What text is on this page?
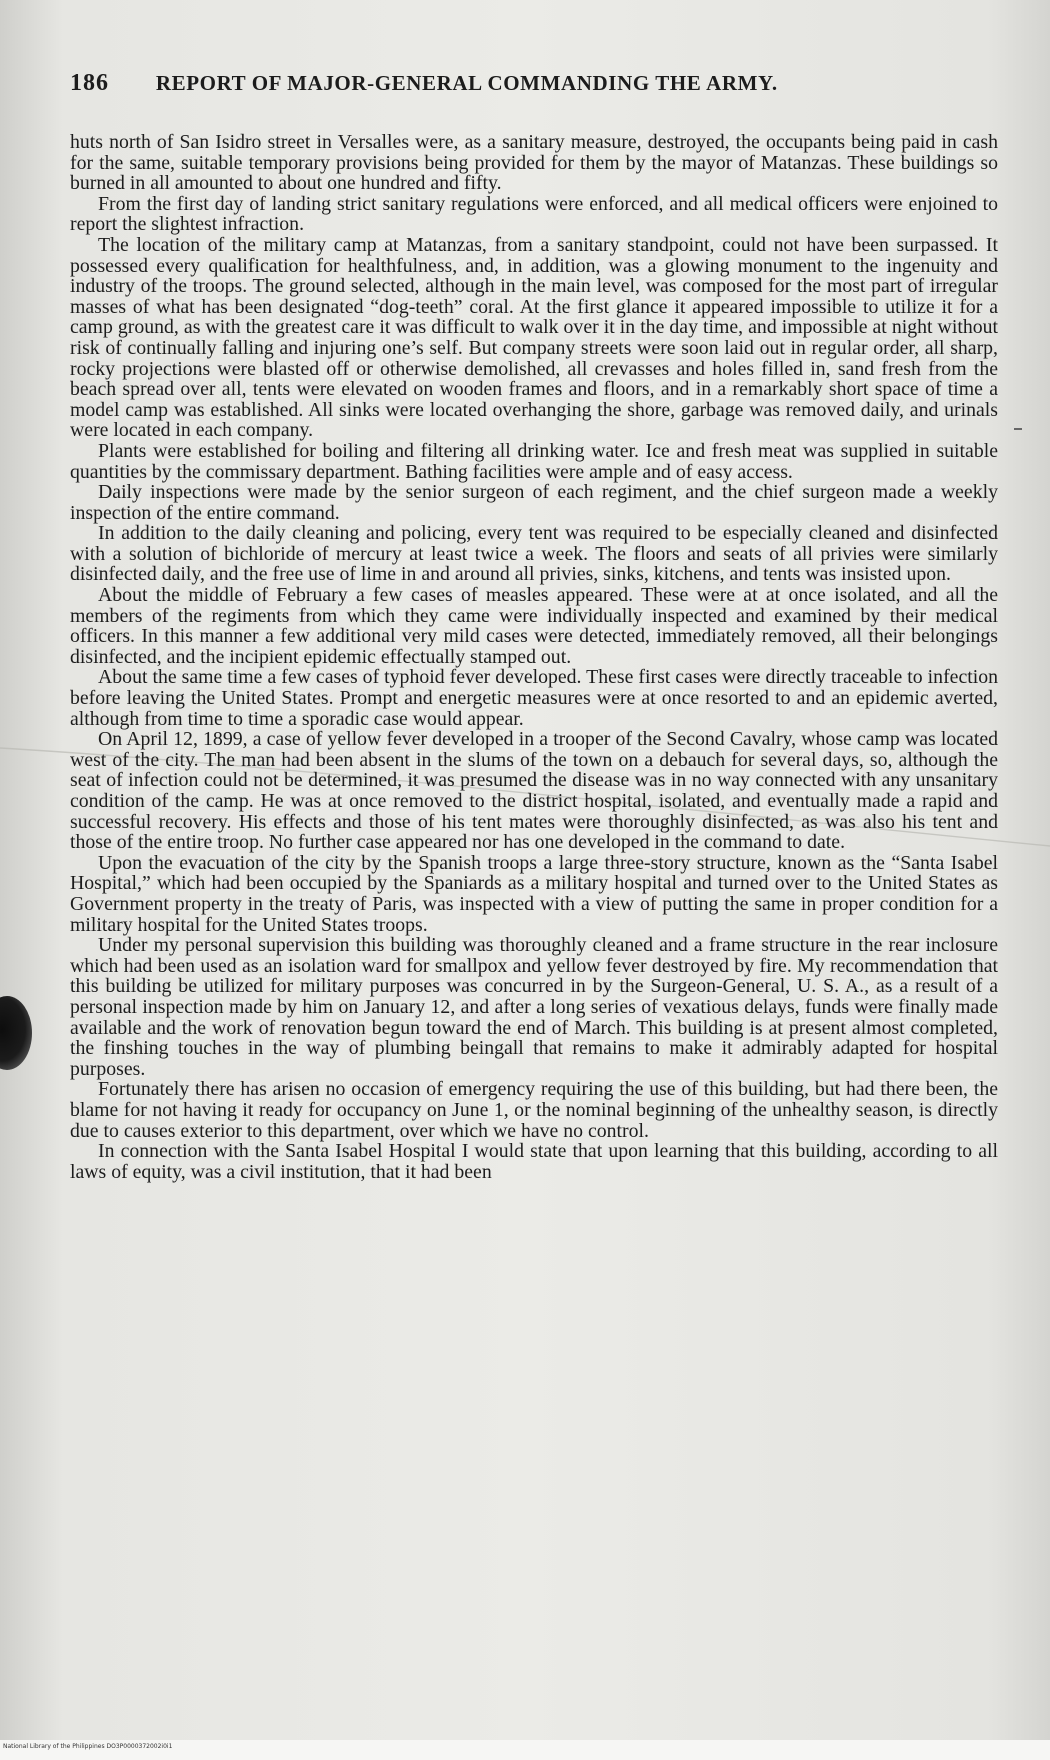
186 REPORT OF MAJOR-GENERAL COMMANDING THE ARMY.

huts north of San Isidro street in Versalles were, as a sanitary measure, destroyed, the occupants being paid in cash for the same, suitable temporary provisions being provided for them by the mayor of Matanzas. These buildings so burned in all amounted to about one hundred and fifty.

From the first day of landing strict sanitary regulations were enforced, and all medical officers were enjoined to report the slightest infraction.

The location of the military camp at Matanzas, from a sanitary standpoint, could not have been surpassed. It possessed every qualification for healthfulness, and, in addition, was a glowing monument to the ingenuity and industry of the troops. The ground selected, although in the main level, was composed for the most part of irregular masses of what has been designated “dog-teeth” coral. At the first glance it appeared impossible to utilize it for a camp ground, as with the greatest care it was difficult to walk over it in the day time, and impossible at night without risk of continually falling and injuring one’s self. But company streets were soon laid out in regular order, all sharp, rocky projections were blasted off or otherwise demolished, all crevasses and holes filled in, sand fresh from the beach spread over all, tents were elevated on wooden frames and floors, and in a remarkably short space of time a model camp was established. All sinks were located overhanging the shore, garbage was removed daily, and urinals were located in each company.

Plants were established for boiling and filtering all drinking water. Ice and fresh meat was supplied in suitable quantities by the commissary department. Bathing facilities were ample and of easy access.

Daily inspections were made by the senior surgeon of each regiment, and the chief surgeon made a weekly inspection of the entire command.

In addition to the daily cleaning and policing, every tent was required to be especially cleaned and disinfected with a solution of bichloride of mercury at least twice a week. The floors and seats of all privies were similarly disinfected daily, and the free use of lime in and around all privies, sinks, kitchens, and tents was insisted upon.

About the middle of February a few cases of measles appeared. These were at at once isolated, and all the members of the regiments from which they came were individually inspected and examined by their medical officers. In this manner a few additional very mild cases were detected, immediately removed, all their belongings disinfected, and the incipient epidemic effectually stamped out.

About the same time a few cases of typhoid fever developed. These first cases were directly traceable to infection before leaving the United States. Prompt and energetic measures were at once resorted to and an epidemic averted, although from time to time a sporadic case would appear.

On April 12, 1899, a case of yellow fever developed in a trooper of the Second Cavalry, whose camp was located west of the city. The man had been absent in the slums of the town on a debauch for several days, so, although the seat of infection could not be determined, it was presumed the disease was in no way connected with any unsanitary condition of the camp. He was at once removed to the district hospital, isolated, and eventually made a rapid and successful recovery. His effects and those of his tent mates were thoroughly disinfected, as was also his tent and those of the entire troop. No further case appeared nor has one developed in the command to date.

Upon the evacuation of the city by the Spanish troops a large three-story structure, known as the “Santa Isabel Hospital,” which had been occupied by the Spaniards as a military hospital and turned over to the United States as Government property in the treaty of Paris, was inspected with a view of putting the same in proper condition for a military hospital for the United States troops.

Under my personal supervision this building was thoroughly cleaned and a frame structure in the rear inclosure which had been used as an isolation ward for smallpox and yellow fever destroyed by fire. My recommendation that this building be utilized for military purposes was concurred in by the Surgeon-General, U. S. A., as a result of a personal inspection made by him on January 12, and after a long series of vexatious delays, funds were finally made available and the work of renovation begun toward the end of March. This building is at present almost completed, the finshing touches in the way of plumbing beingall that remains to make it admirably adapted for hospital purposes.

Fortunately there has arisen no occasion of emergency requiring the use of this building, but had there been, the blame for not having it ready for occupancy on June 1, or the nominal beginning of the unhealthy season, is directly due to causes exterior to this department, over which we have no control.

In connection with the Santa Isabel Hospital I would state that upon learning that this building, according to all laws of equity, was a civil institution, that it had been

National Library of the Philippines DO3P0000372002i0i1
